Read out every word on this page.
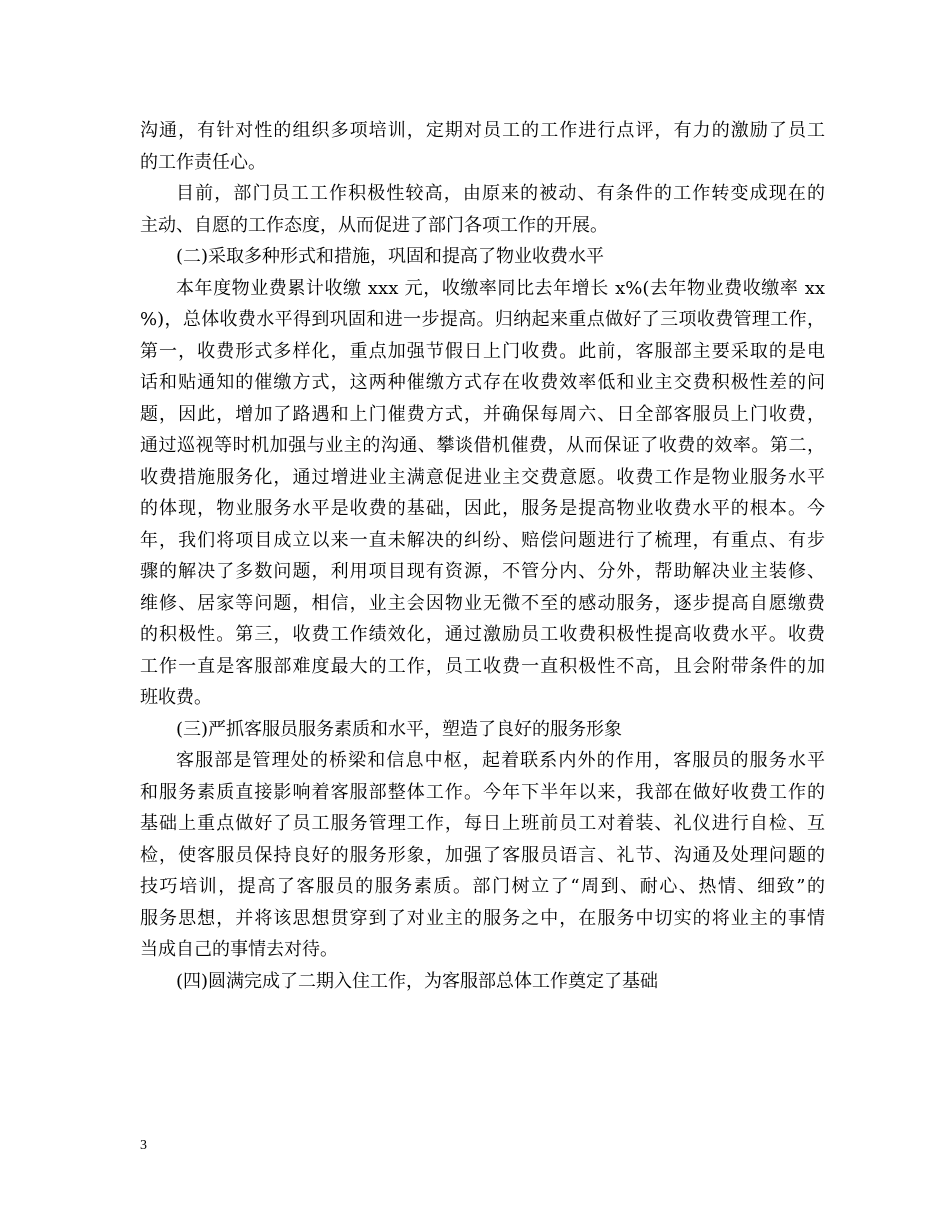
沟通，有针对性的组织多项培训，定期对员工的工作进行点评，有力的激励了员工
的工作责任心。
目前，部门员工工作积极性较高，由原来的被动、有条件的工作转变成现在的
主动、自愿的工作态度，从而促进了部门各项工作的开展。
(二)采取多种形式和措施，巩固和提高了物业收费水平
本年度物业费累计收缴 xxx 元，收缴率同比去年增长 x%(去年物业费收缴率 xx
%)，总体收费水平得到巩固和进一步提高。归纳起来重点做好了三项收费管理工作，
第一，收费形式多样化，重点加强节假日上门收费。此前，客服部主要采取的是电
话和贴通知的催缴方式，这两种催缴方式存在收费效率低和业主交费积极性差的问
题，因此，增加了路遇和上门催费方式，并确保每周六、日全部客服员上门收费，
通过巡视等时机加强与业主的沟通、攀谈借机催费，从而保证了收费的效率。第二，
收费措施服务化，通过增进业主满意促进业主交费意愿。收费工作是物业服务水平
的体现，物业服务水平是收费的基础，因此，服务是提高物业收费水平的根本。今
年，我们将项目成立以来一直未解决的纠纷、赔偿问题进行了梳理，有重点、有步
骤的解决了多数问题，利用项目现有资源，不管分内、分外，帮助解决业主装修、
维修、居家等问题，相信，业主会因物业无微不至的感动服务，逐步提高自愿缴费
的积极性。第三，收费工作绩效化，通过激励员工收费积极性提高收费水平。收费
工作一直是客服部难度最大的工作，员工收费一直积极性不高，且会附带条件的加
班收费。
(三)严抓客服员服务素质和水平，塑造了良好的服务形象
客服部是管理处的桥梁和信息中枢，起着联系内外的作用，客服员的服务水平
和服务素质直接影响着客服部整体工作。今年下半年以来，我部在做好收费工作的
基础上重点做好了员工服务管理工作，每日上班前员工对着装、礼仪进行自检、互
检，使客服员保持良好的服务形象，加强了客服员语言、礼节、沟通及处理问题的
技巧培训，提高了客服员的服务素质。部门树立了“周到、耐心、热情、细致”的
服务思想，并将该思想贯穿到了对业主的服务之中，在服务中切实的将业主的事情
当成自己的事情去对待。
(四)圆满完成了二期入住工作，为客服部总体工作奠定了基础
3
